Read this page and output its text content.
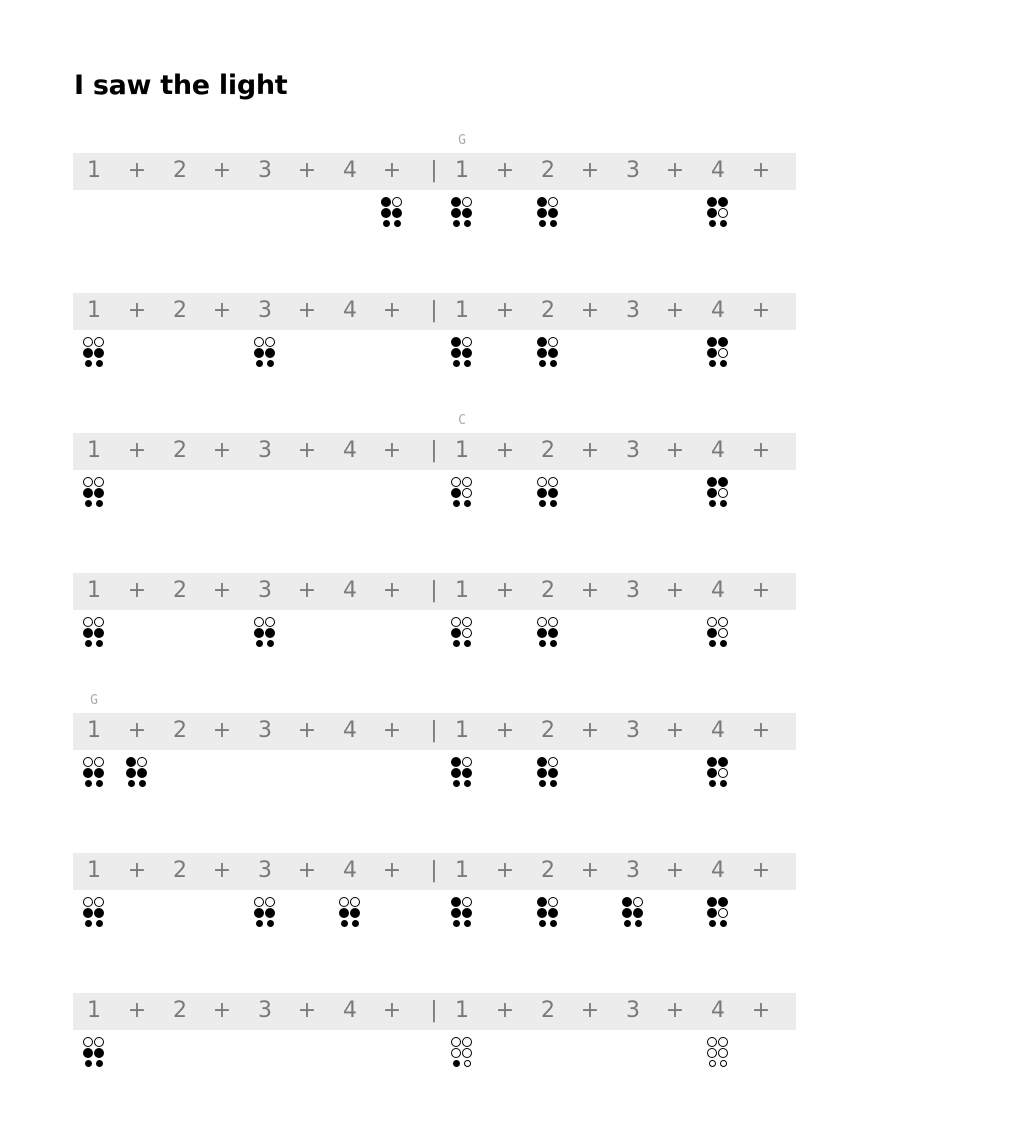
I saw the light
G
1 + 2 + 3 + 4 + | 1 + 2 + 3 + 4 +
1 + 2 + 3 + 4 + | 1 + 2 + 3 + 4 +
C
1 + 2 + 3 + 4 + | 1 + 2 + 3 + 4 +
1 + 2 + 3 + 4 + | 1 + 2 + 3 + 4 +
G
1 + 2 + 3 + 4 + | 1 + 2 + 3 + 4 +
1 + 2 + 3 + 4 + | 1 + 2 + 3 + 4 +
1 + 2 + 3 + 4 + | 1 + 2 + 3 + 4 +
